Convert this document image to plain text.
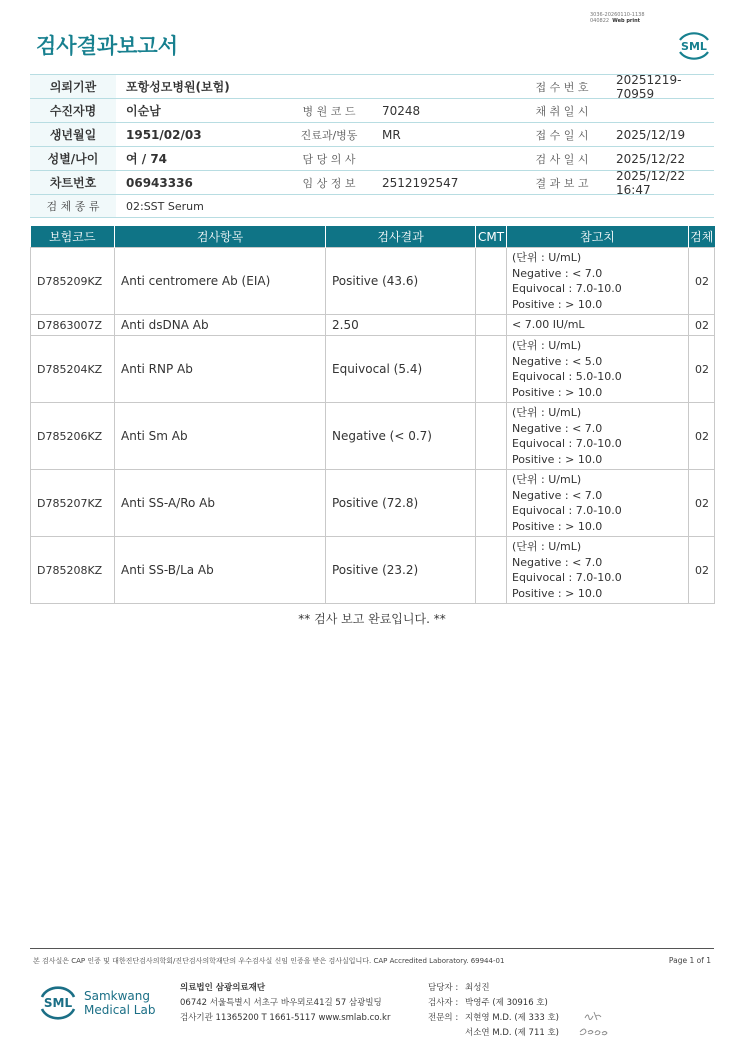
3036-20260110-1138
040822 Web print
검사결과보고서	SML
의뢰기관	포항성모병원(보험)	접 수 번 호
20251219-70959
수진자명	이순남	병 원 코 드	70248	채 취 일 시
생년월일	1951/02/03	진료과/병동	MR	접 수 일 시	2025/12/19
성별/나이	여 / 74	담 당 의 사	검 사 일 시	2025/12/22
차트번호	06943336	임 상 정 보	2512192547	결 과 보 고
2025/12/22 16:47
검 체 종 류	02:SST Serum
보험코드	검사항목	검사결과	CMT	참고치	검체
D785209KZ	Anti centromere Ab (EIA)	Positive (43.6)		(단위 : U/mL)
Negative : < 7.0
Equivocal : 7.0-10.0
Positive : > 10.0	02
D7863007Z	Anti dsDNA Ab	2.50		< 7.00 IU/mL	02
D785204KZ	Anti RNP Ab	Equivocal (5.4)		(단위 : U/mL)
Negative : < 5.0
Equivocal : 5.0-10.0
Positive : > 10.0	02
D785206KZ	Anti Sm Ab	Negative (< 0.7)		(단위 : U/mL)
Negative : < 7.0
Equivocal : 7.0-10.0
Positive : > 10.0	02
D785207KZ	Anti SS-A/Ro Ab	Positive (72.8)		(단위 : U/mL)
Negative : < 7.0
Equivocal : 7.0-10.0
Positive : > 10.0	02
D785208KZ	Anti SS-B/La Ab	Positive (23.2)		(단위 : U/mL)
Negative : < 7.0
Equivocal : 7.0-10.0
Positive : > 10.0	02
** 검사 보고 완료입니다. **
본 검사실은 CAP 인증 및 대한진단검사의학회/진단검사의학재단의 우수검사실 신임 인증을 받은 검사실입니다. CAP Accredited Laboratory. 69944-01	Page 1 of 1
SML Samkwang
Medical Lab
의료법인 삼광의료재단
06742 서울특별시 서초구 바우뫼로41길 57 삼광빌딩
검사기관 11365200 T 1661-5117 www.smlab.co.kr
담당자 : 최성진
검사자 : 박영주 (제 30916 호)
전문의 : 지현영 M.D. (제 333 호)
서소연 M.D. (제 711 호)
